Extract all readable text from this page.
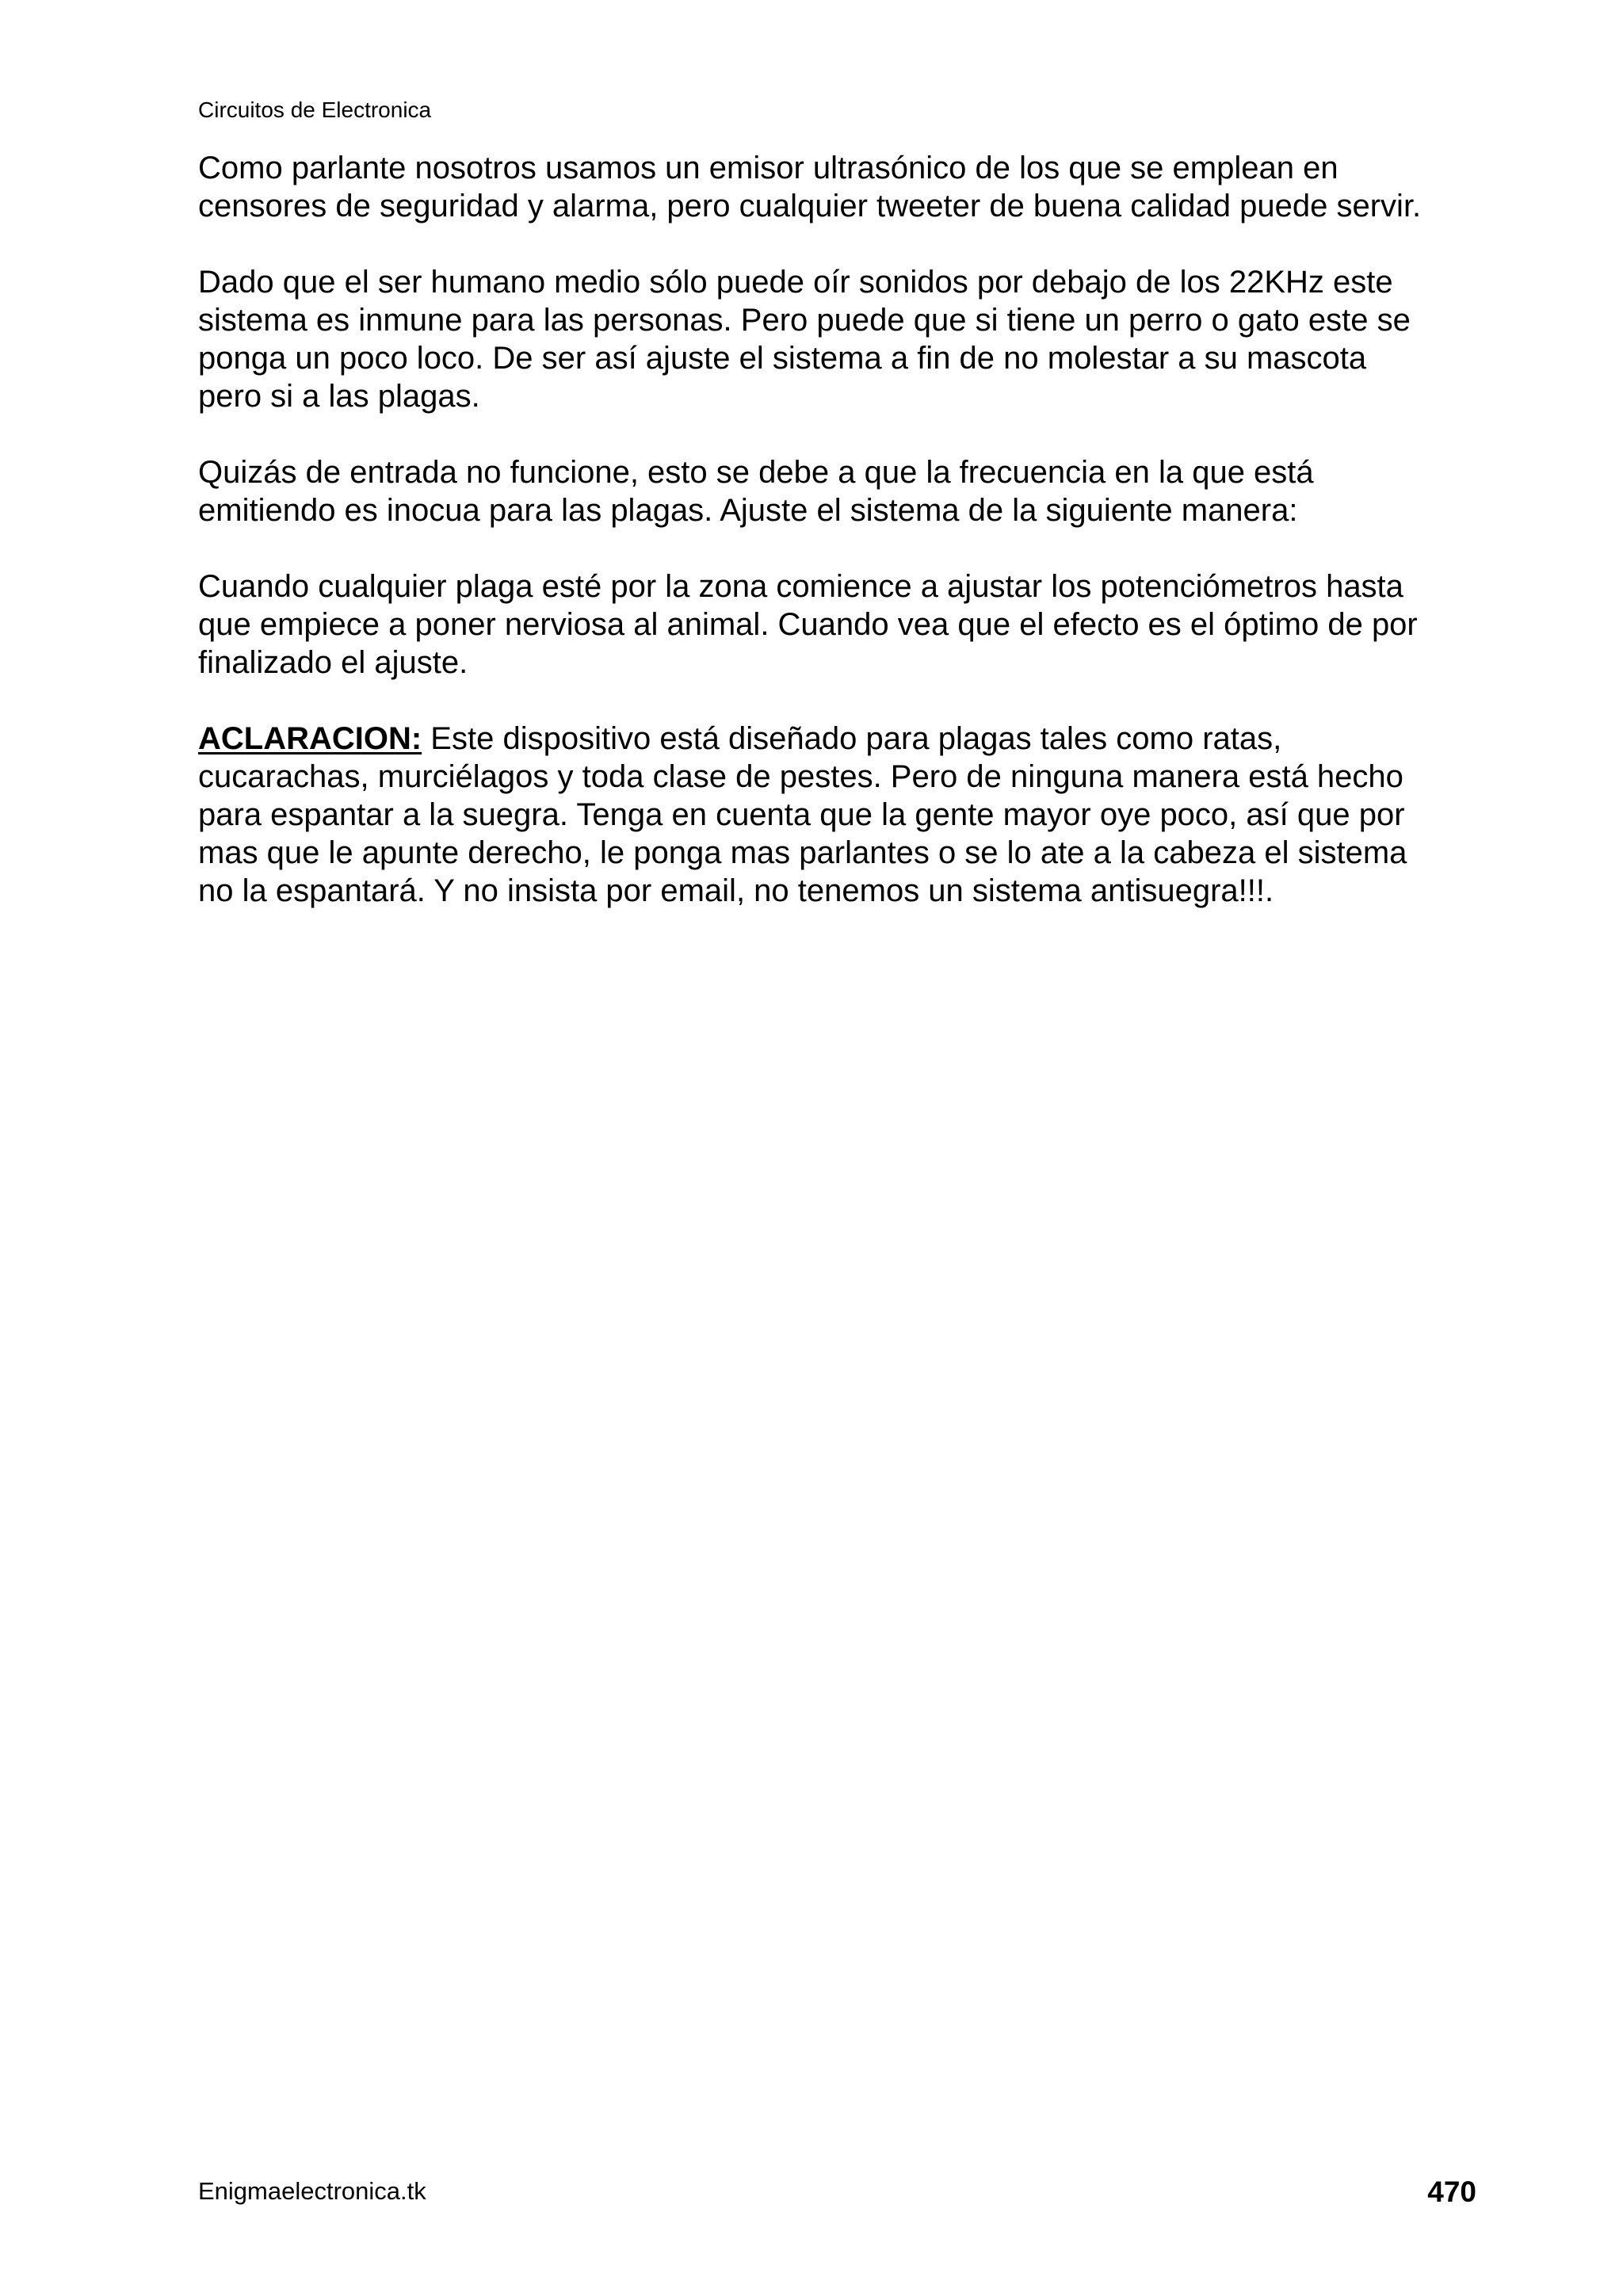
Circuitos de Electronica

Como parlante nosotros usamos un emisor ultrasónico de los que se emplean en
censores de seguridad y alarma, pero cualquier tweeter de buena calidad puede servir.

Dado que el ser humano medio sólo puede oír sonidos por debajo de los 22KHz este
sistema es inmune para las personas. Pero puede que si tiene un perro o gato este se
ponga un poco loco. De ser así ajuste el sistema a fin de no molestar a su mascota
pero si a las plagas.

Quizás de entrada no funcione, esto se debe a que la frecuencia en la que está
emitiendo es inocua para las plagas. Ajuste el sistema de la siguiente manera:

Cuando cualquier plaga esté por la zona comience a ajustar los potenciómetros hasta
que empiece a poner nerviosa al animal. Cuando vea que el efecto es el óptimo de por
finalizado el ajuste.

ACLARACION: Este dispositivo está diseñado para plagas tales como ratas,
cucarachas, murciélagos y toda clase de pestes. Pero de ninguna manera está hecho
para espantar a la suegra. Tenga en cuenta que la gente mayor oye poco, así que por
mas que le apunte derecho, le ponga mas parlantes o se lo ate a la cabeza el sistema
no la espantará. Y no insista por email, no tenemos un sistema antisuegra!!!.

Enigmaelectronica.tk	470
